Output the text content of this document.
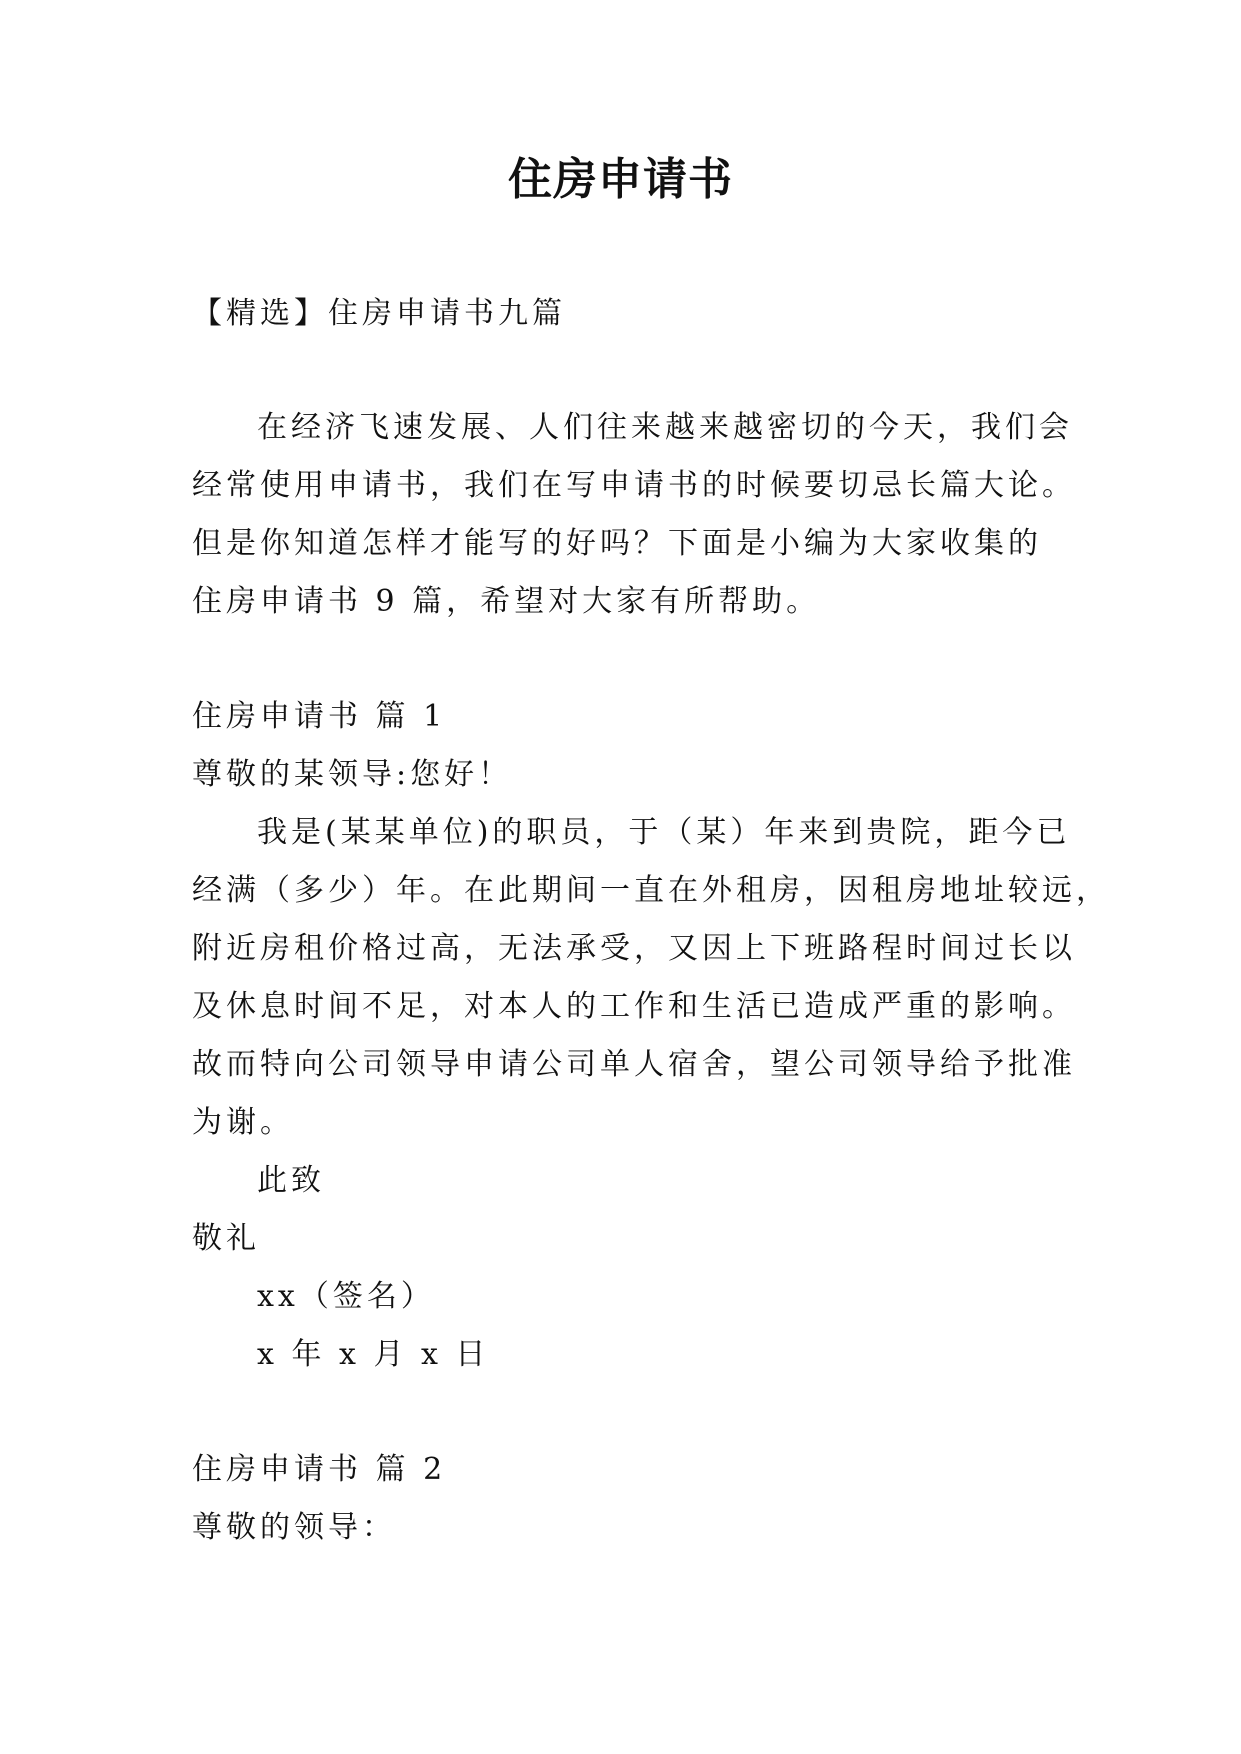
住房申请书
【精选】住房申请书九篇
在经济飞速发展、人们往来越来越密切的今天，我们会
经常使用申请书，我们在写申请书的时候要切忌长篇大论。
但是你知道怎样才能写的好吗？下面是小编为大家收集的
住房申请书 9 篇，希望对大家有所帮助。
住房申请书 篇 1
尊敬的某领导:您好！
我是(某某单位)的职员，于（某）年来到贵院，距今已
经满（多少）年。在此期间一直在外租房，因租房地址较远，
附近房租价格过高，无法承受，又因上下班路程时间过长以
及休息时间不足，对本人的工作和生活已造成严重的影响。
故而特向公司领导申请公司单人宿舍，望公司领导给予批准
为谢。
此致
敬礼
xx（签名）
x 年 x 月 x 日
住房申请书 篇 2
尊敬的领导：
